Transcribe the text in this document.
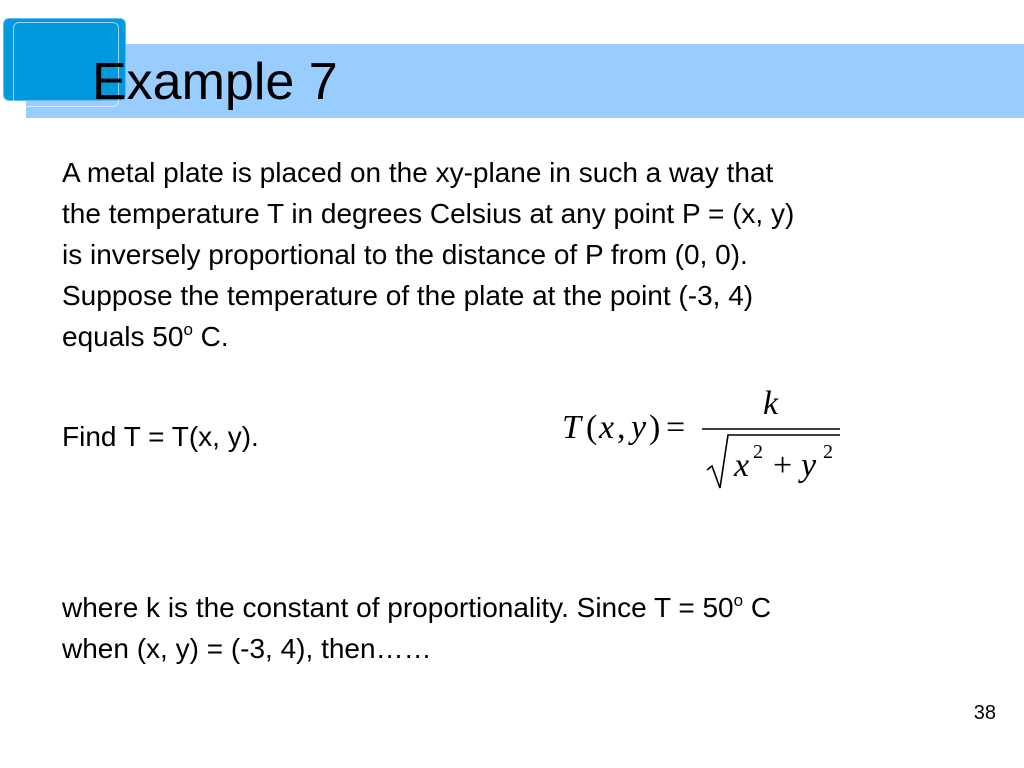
Example 7
A metal plate is placed on the xy-plane in such a way that
the temperature T in degrees Celsius at any point P = (x, y)
is inversely proportional to the distance of P from (0, 0).
Suppose the temperature of the plate at the point (-3, 4)
equals 50$^o$ C.
Find T = T(x, y).	T ( x , y ) =
k
x 2 + y 2
where k is the constant of proportionality. Since $T = 50^o$ C
when (x, y) = (-3, 4), then……
38
